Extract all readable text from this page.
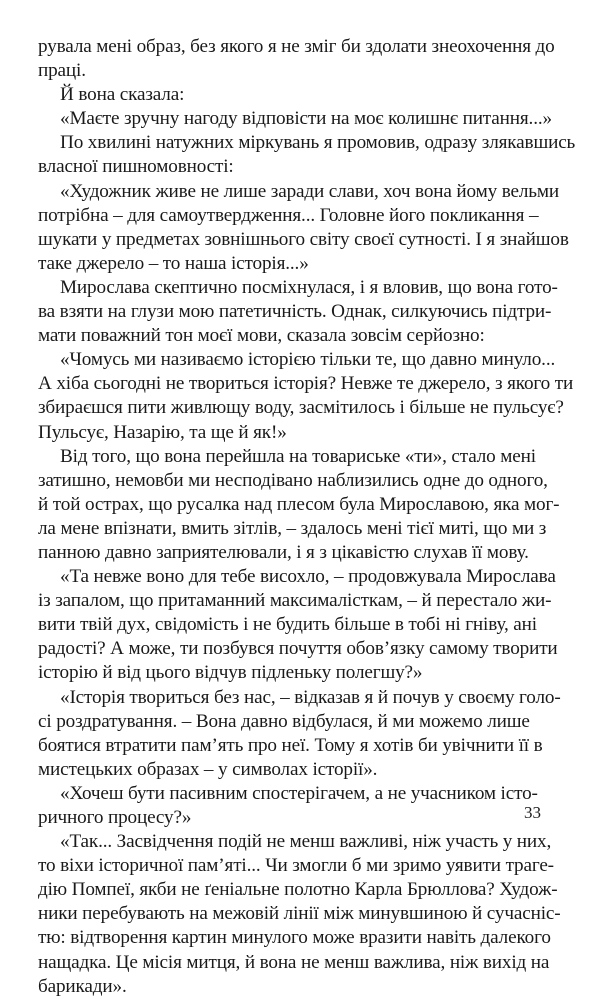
рувала мені образ, без якого я не зміг би здолати знеохочення до
праці.
Й вона сказала:
«Маєте зручну нагоду відповісти на моє колишнє питання...»
По хвилині натужних міркувань я промовив, одразу злякавшись
власної пишномовності:
«Художник живе не лише заради слави, хоч вона йому вельми
потрібна – для самоутвердження... Головне його покликання –
шукати у предметах зовнішнього світу своєї сутності. І я знайшов
таке джерело – то наша історія...»
Мирослава скептично посміхнулася, і я вловив, що вона гото-
ва взяти на глузи мою патетичність. Однак, силкуючись підтри-
мати поважний тон моєї мови, сказала зовсім серйозно:
«Чомусь ми називаємо історією тільки те, що давно минуло...
А хіба сьогодні не твориться історія? Невже те джерело, з якого ти
збираєшся пити живлющу воду, засмітилось і більше не пульсує?
Пульсує, Назарію, та ще й як!»
Від того, що вона перейшла на товариське «ти», стало мені
затишно, немовби ми несподівано наблизились одне до одного,
й той острах, що русалка над плесом була Мирославою, яка мог-
ла мене впізнати, вмить зітлів, – здалось мені тієї миті, що ми з
панною давно заприятелювали, і я з цікавістю слухав її мову.
«Та невже воно для тебе висохло, – продовжувала Мирослава
із запалом, що притаманний максималісткам, – й перестало жи-
вити твій дух, свідомість і не будить більше в тобі ні гніву, ані
радості? А може, ти позбувся почуття обов’язку самому творити
історію й від цього відчув підленьку полегшу?»
«Історія твориться без нас, – відказав я й почув у своєму голо-
сі роздратування. – Вона давно відбулася, й ми можемо лише
боятися втратити пам’ять про неї. Тому я хотів би увічнити її в
мистецьких образах – у символах історії».
«Хочеш бути пасивним спостерігачем, а не учасником істо-
ричного процесу?»
«Так... Засвідчення подій не менш важливі, ніж участь у них,
то віхи історичної пам’яті... Чи змогли б ми зримо уявити траге-
дію Помпеї, якби не ґеніальне полотно Карла Брюллова? Худож-
ники перебувають на межовій лінії між минувшиною й сучасніс-
тю: відтворення картин минулого може вразити навіть далекого
нащадка. Це місія митця, й вона не менш важлива, ніж вихід на
барикади».
33
